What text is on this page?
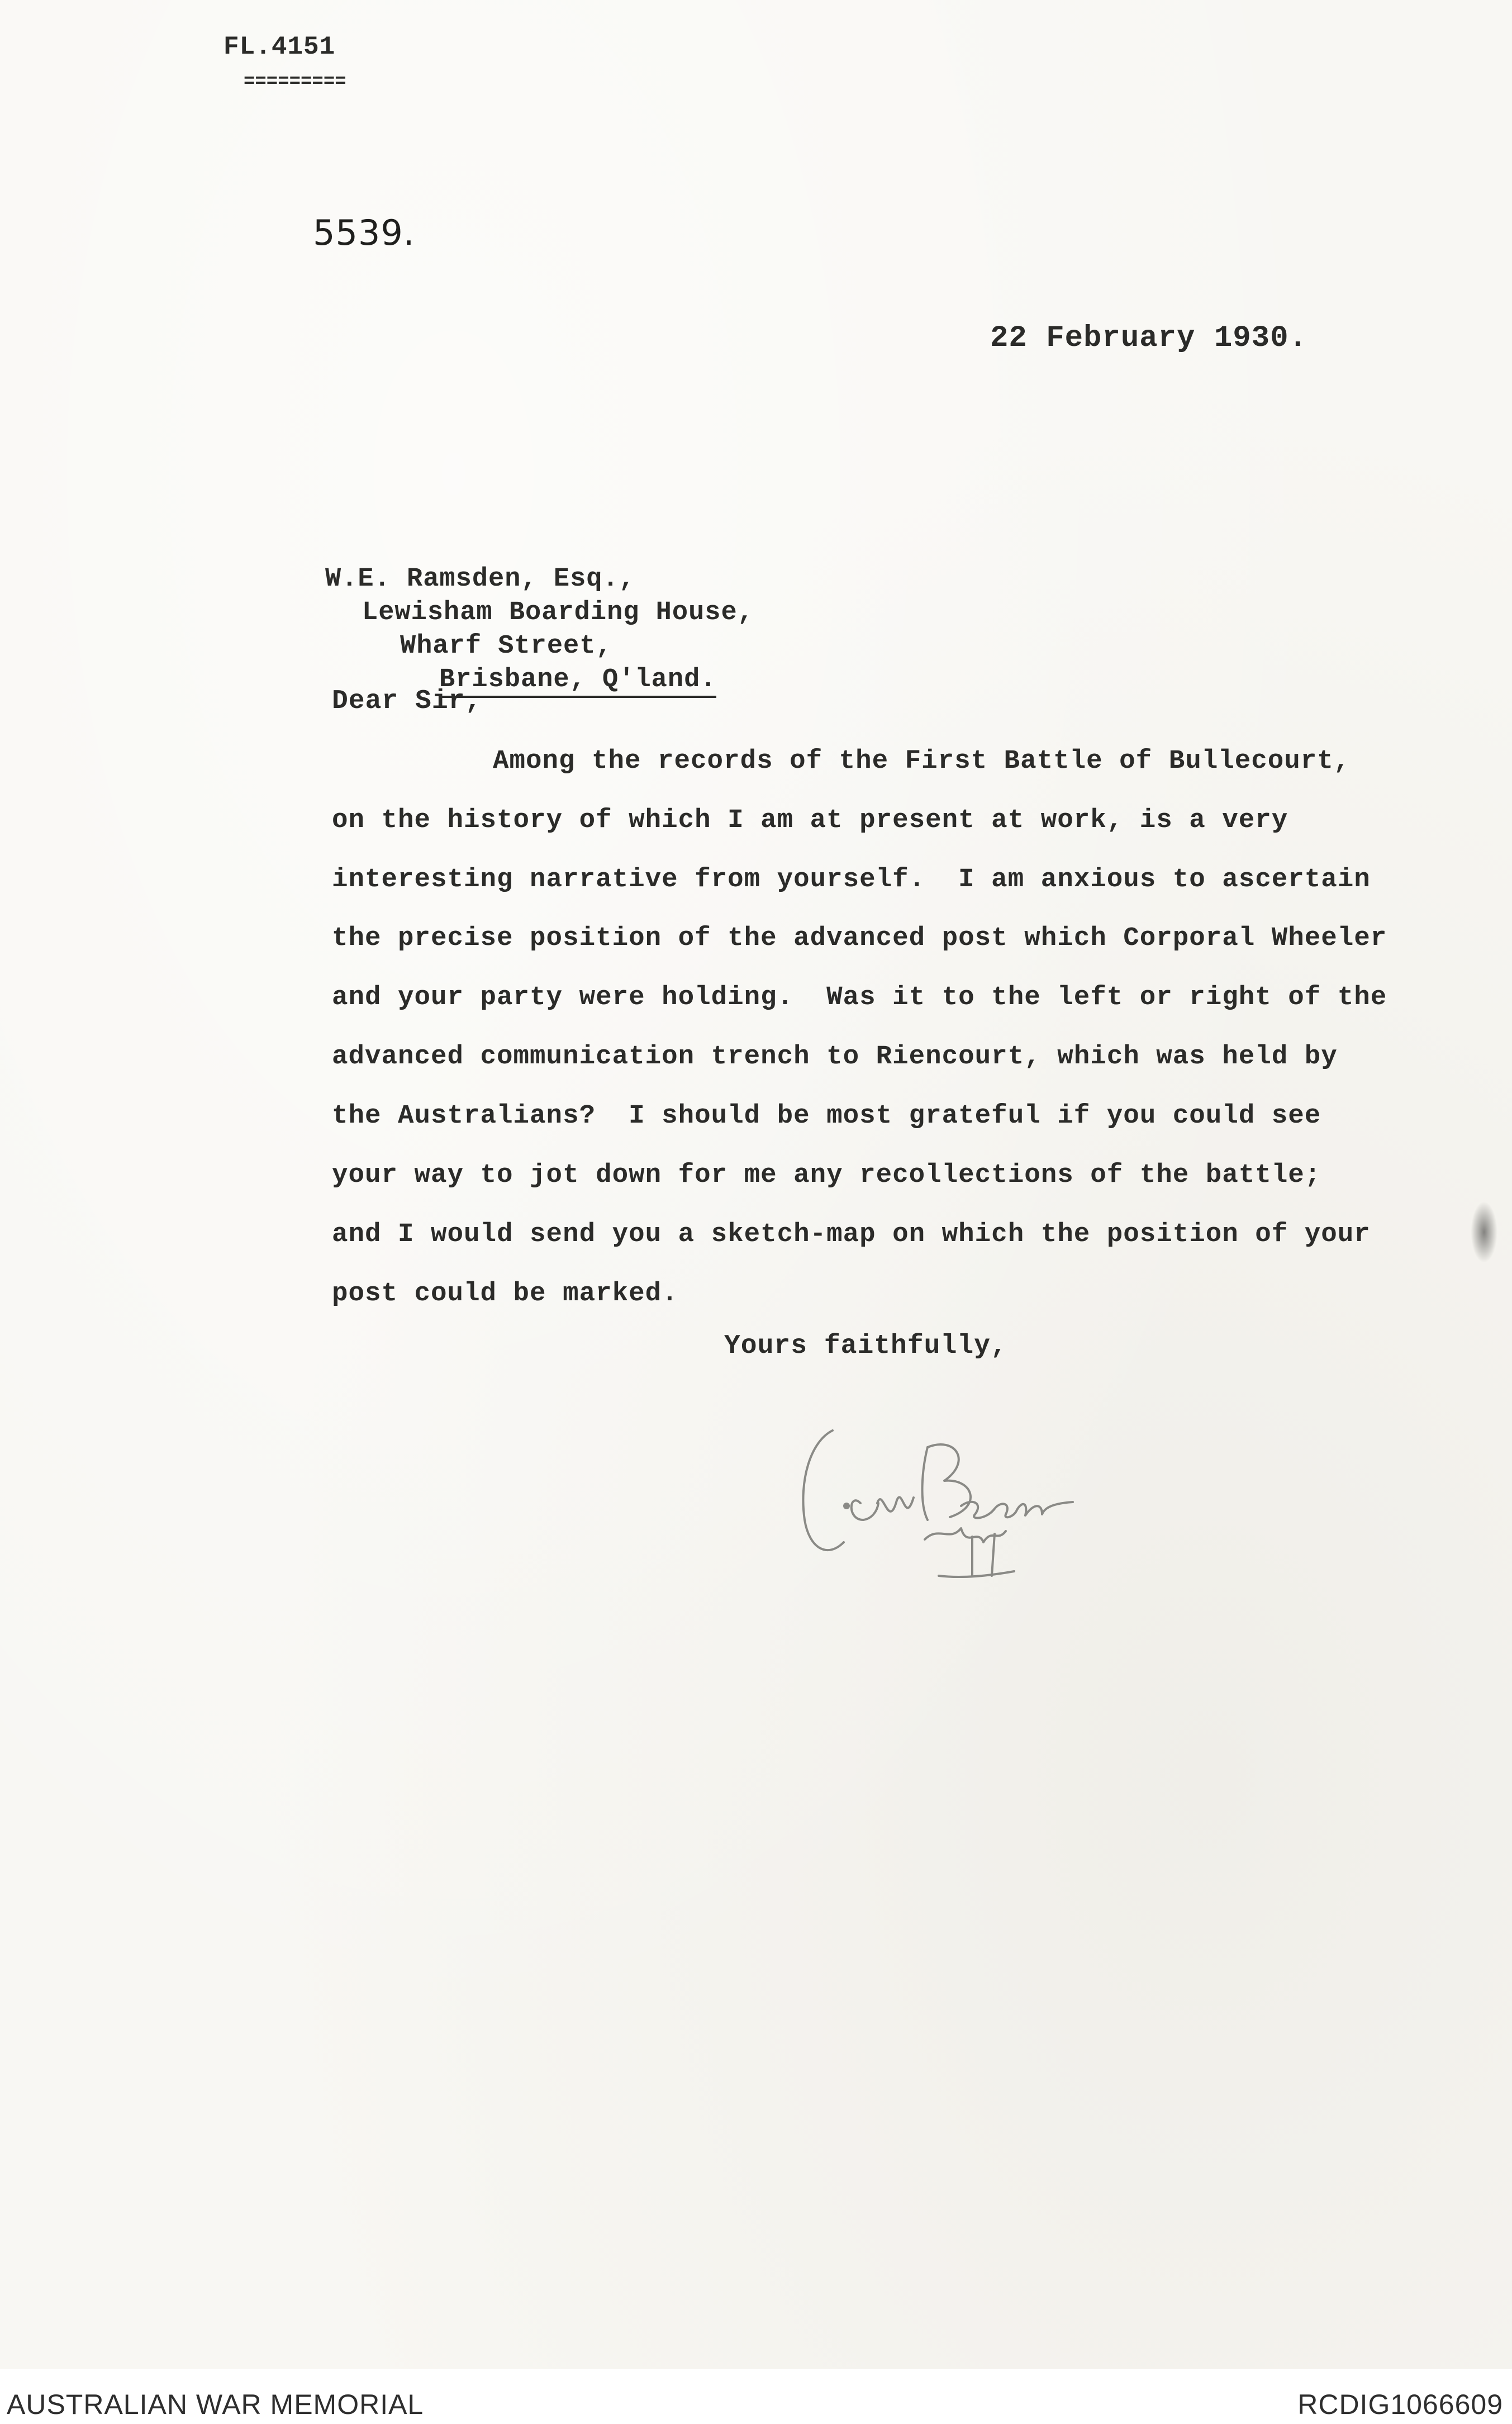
FL.4151
=========
5539.
22 February 1930.
W.E. Ramsden, Esq.,
Lewisham Boarding House,
Wharf Street,
Brisbane, Q'land.
Dear Sir,
Among the records of the First Battle of Bullecourt,
on the history of which I am at present at work, is a very
interesting narrative from yourself.  I am anxious to ascertain
the precise position of the advanced post which Corporal Wheeler
and your party were holding.  Was it to the left or right of the
advanced communication trench to Riencourt, which was held by
the Australians?  I should be most grateful if you could see
your way to jot down for me any recollections of the battle;
and I would send you a sketch-map on which the position of your
post could be marked.
Yours faithfully,
AUSTRALIAN WAR MEMORIAL	RCDIG1066609
